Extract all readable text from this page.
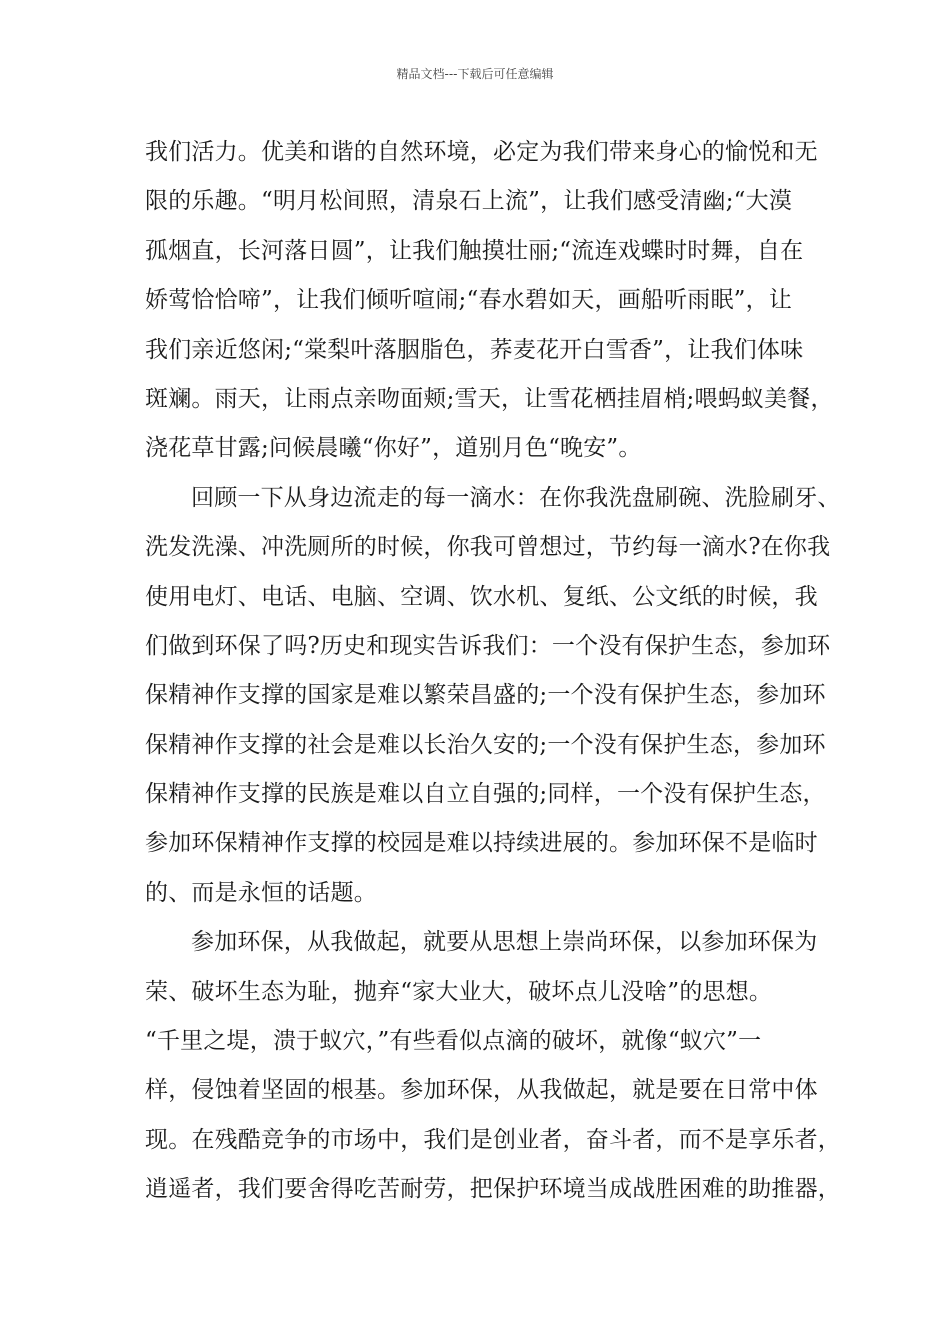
精品文档---下载后可任意编辑
我们活力。优美和谐的自然环境，必定为我们带来身心的愉悦和无
限的乐趣。“明月松间照，清泉石上流”，让我们感受清幽;“大漠
孤烟直，长河落日圆”，让我们触摸壮丽;“流连戏蝶时时舞，自在
娇莺恰恰啼”，让我们倾听喧闹;“春水碧如天，画船听雨眠”，让
我们亲近悠闲;“棠梨叶落胭脂色，荞麦花开白雪香”，让我们体味
斑斓。雨天，让雨点亲吻面颊;雪天，让雪花栖挂眉梢;喂蚂蚁美餐，
浇花草甘露;问候晨曦“你好”，道别月色“晚安”。
回顾一下从身边流走的每一滴水：在你我洗盘刷碗、洗脸刷牙、
洗发洗澡、冲洗厕所的时候，你我可曾想过，节约每一滴水?在你我
使用电灯、电话、电脑、空调、饮水机、复纸、公文纸的时候，我
们做到环保了吗?历史和现实告诉我们：一个没有保护生态，参加环
保精神作支撑的国家是难以繁荣昌盛的;一个没有保护生态，参加环
保精神作支撑的社会是难以长治久安的;一个没有保护生态，参加环
保精神作支撑的民族是难以自立自强的;同样，一个没有保护生态，
参加环保精神作支撑的校园是难以持续进展的。参加环保不是临时
的、而是永恒的话题。
参加环保，从我做起，就要从思想上崇尚环保，以参加环保为
荣、破坏生态为耻，抛弃“家大业大，破坏点儿没啥”的思想。
“千里之堤，溃于蚁穴，”有些看似点滴的破坏，就像“蚁穴”一
样，侵蚀着坚固的根基。参加环保，从我做起，就是要在日常中体
现。在残酷竞争的市场中，我们是创业者，奋斗者，而不是享乐者，
逍遥者，我们要舍得吃苦耐劳，把保护环境当成战胜困难的助推器，
